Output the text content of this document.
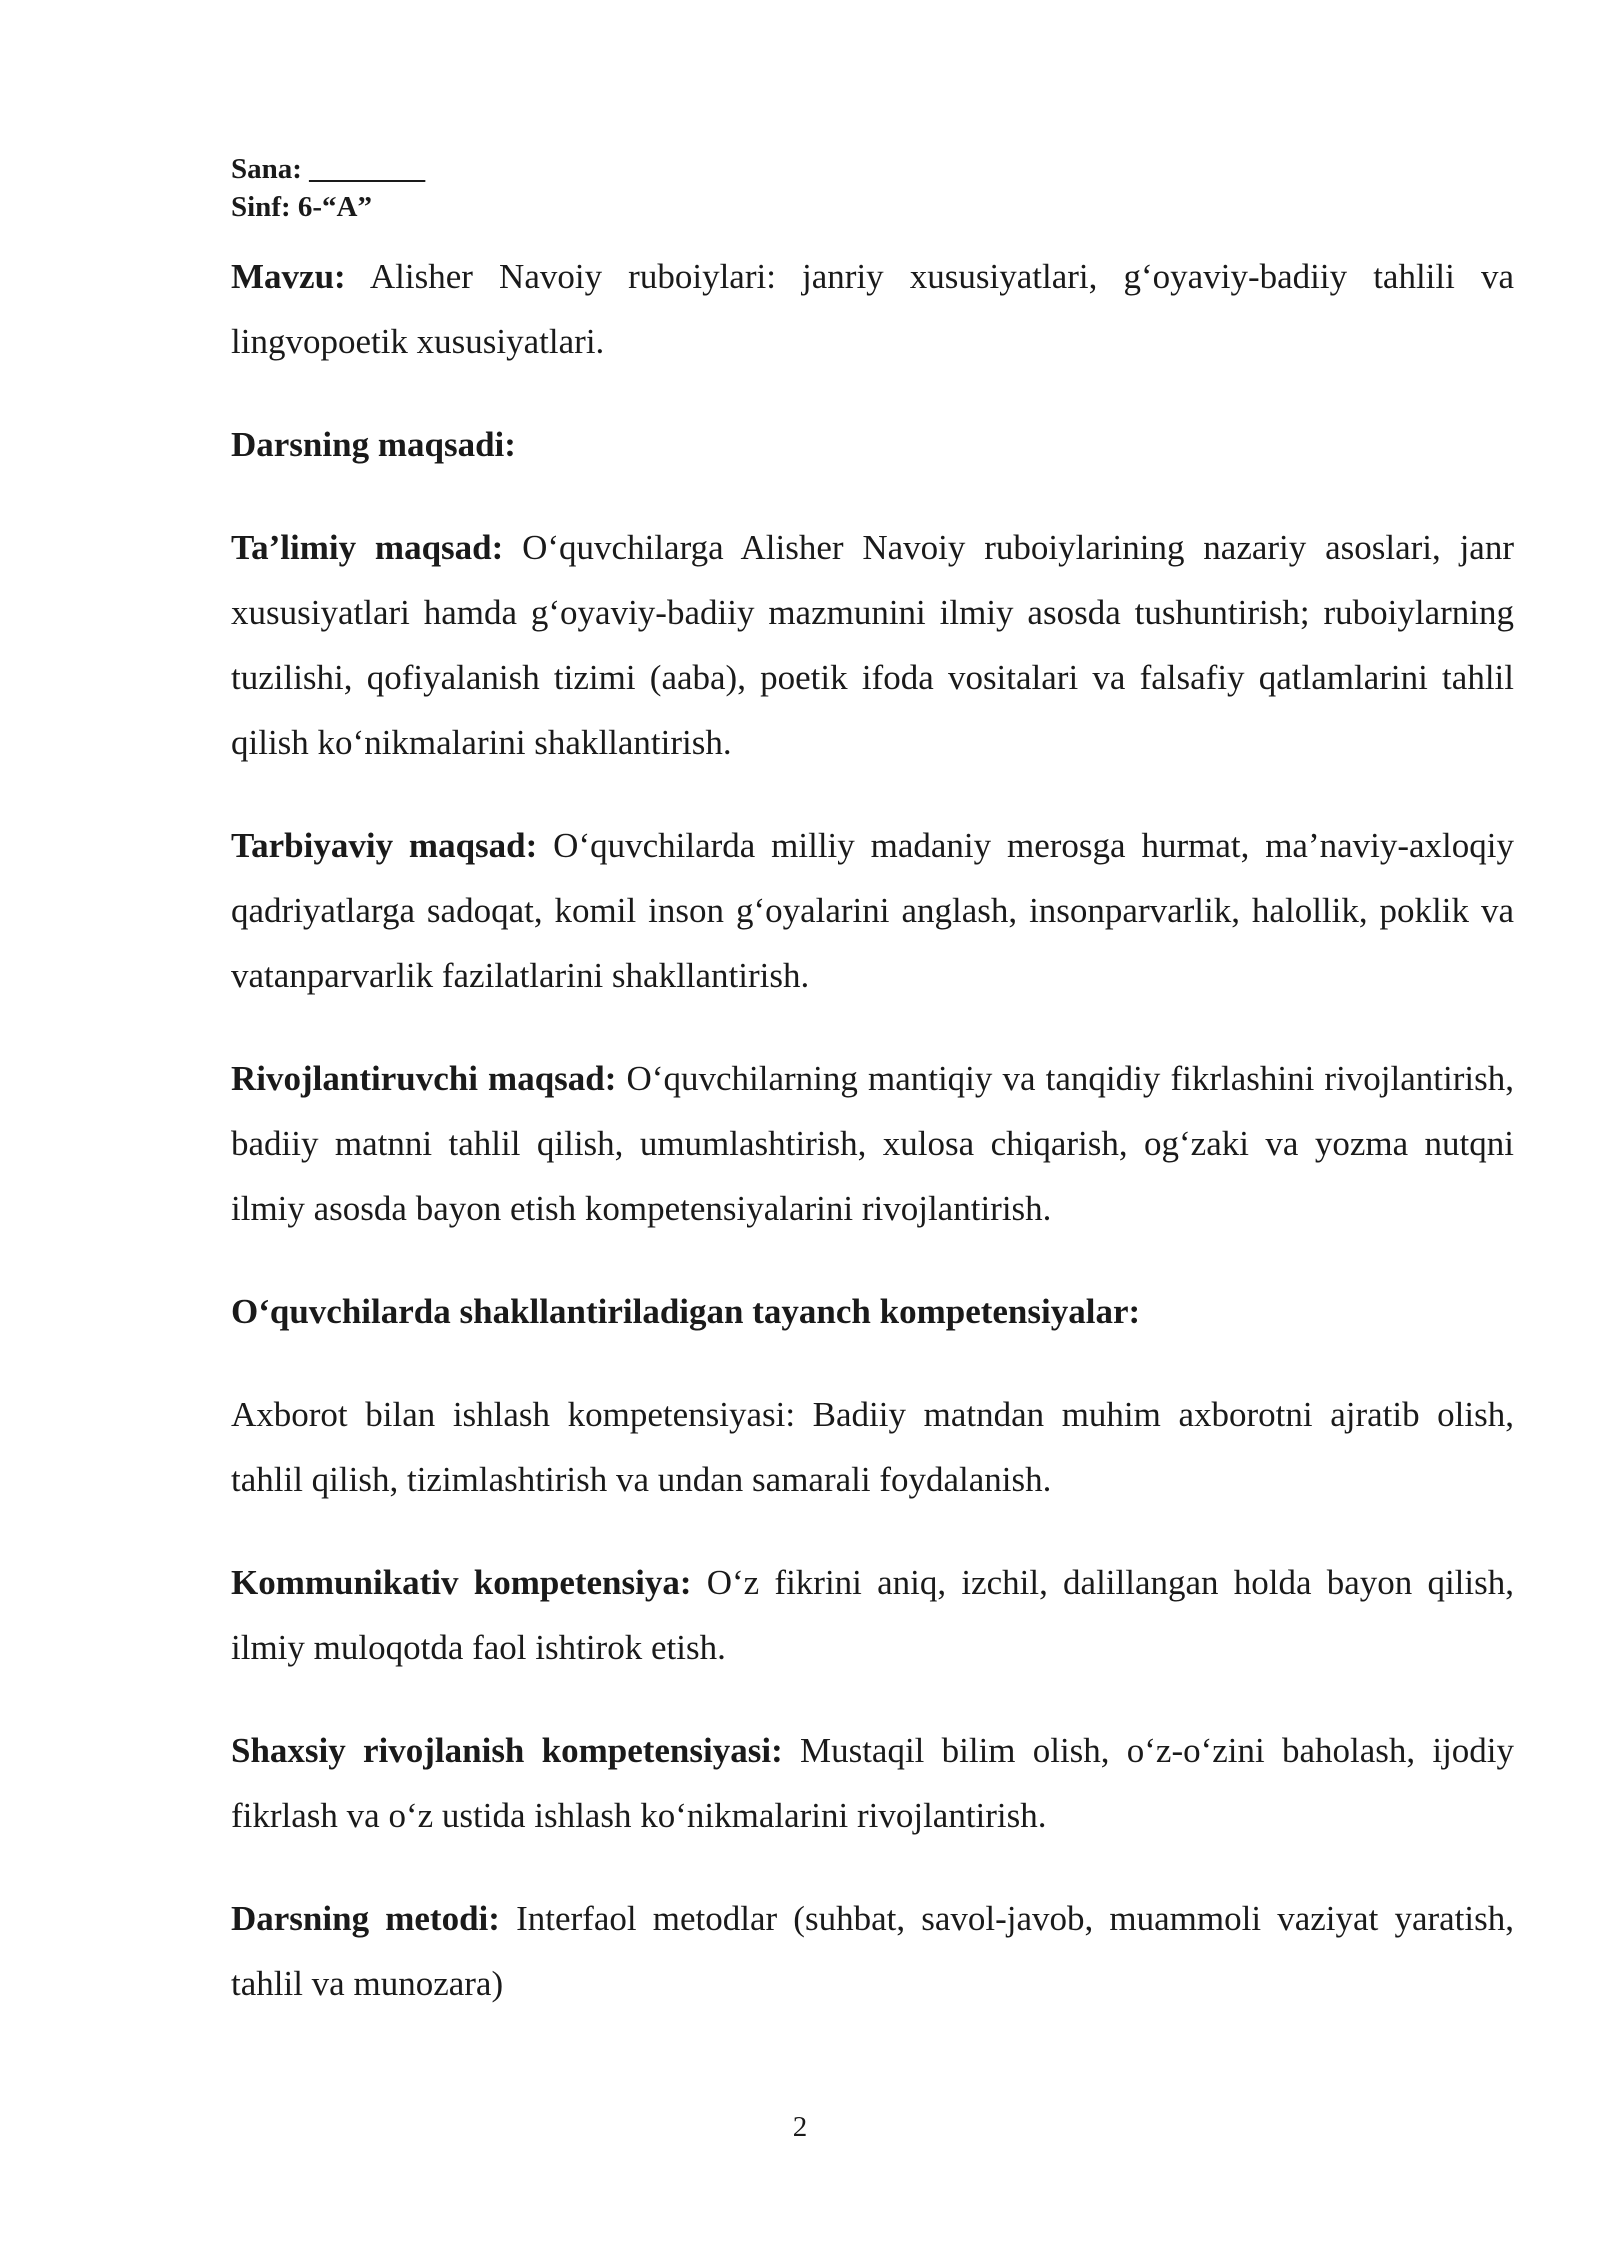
Sana: ________

Sinf: 6-“A”

Mavzu: Alisher Navoiy ruboiylari: janriy xususiyatlari, g‘oyaviy-badiiy tahlili va lingvopoetik xususiyatlari.

Darsning maqsadi:

Ta’limiy maqsad: O‘quvchilarga Alisher Navoiy ruboiylarining nazariy asoslari, janr xususiyatlari hamda g‘oyaviy-badiiy mazmunini ilmiy asosda tushuntirish; ruboiylarning tuzilishi, qofiyalanish tizimi (aaba), poetik ifoda vositalari va falsafiy qatlamlarini tahlil qilish ko‘nikmalarini shakllantirish.

Tarbiyaviy maqsad: O‘quvchilarda milliy madaniy merosga hurmat, ma’naviy-axloqiy qadriyatlarga sadoqat, komil inson g‘oyalarini anglash, insonparvarlik, halollik, poklik va vatanparvarlik fazilatlarini shakllantirish.

Rivojlantiruvchi maqsad: O‘quvchilarning mantiqiy va tanqidiy fikrlashini rivojlantirish, badiiy matnni tahlil qilish, umumlashtirish, xulosa chiqarish, og‘zaki va yozma nutqni ilmiy asosda bayon etish kompetensiyalarini rivojlantirish.

O‘quvchilarda shakllantiriladigan tayanch kompetensiyalar:

Axborot bilan ishlash kompetensiyasi: Badiiy matndan muhim axborotni ajratib olish, tahlil qilish, tizimlashtirish va undan samarali foydalanish.

Kommunikativ kompetensiya: O‘z fikrini aniq, izchil, dalillangan holda bayon qilish, ilmiy muloqotda faol ishtirok etish.

Shaxsiy rivojlanish kompetensiyasi: Mustaqil bilim olish, o‘z-o‘zini baholash, ijodiy fikrlash va o‘z ustida ishlash ko‘nikmalarini rivojlantirish.

Darsning metodi: Interfaol metodlar (suhbat, savol-javob, muammoli vaziyat yaratish, tahlil va munozara)

2
